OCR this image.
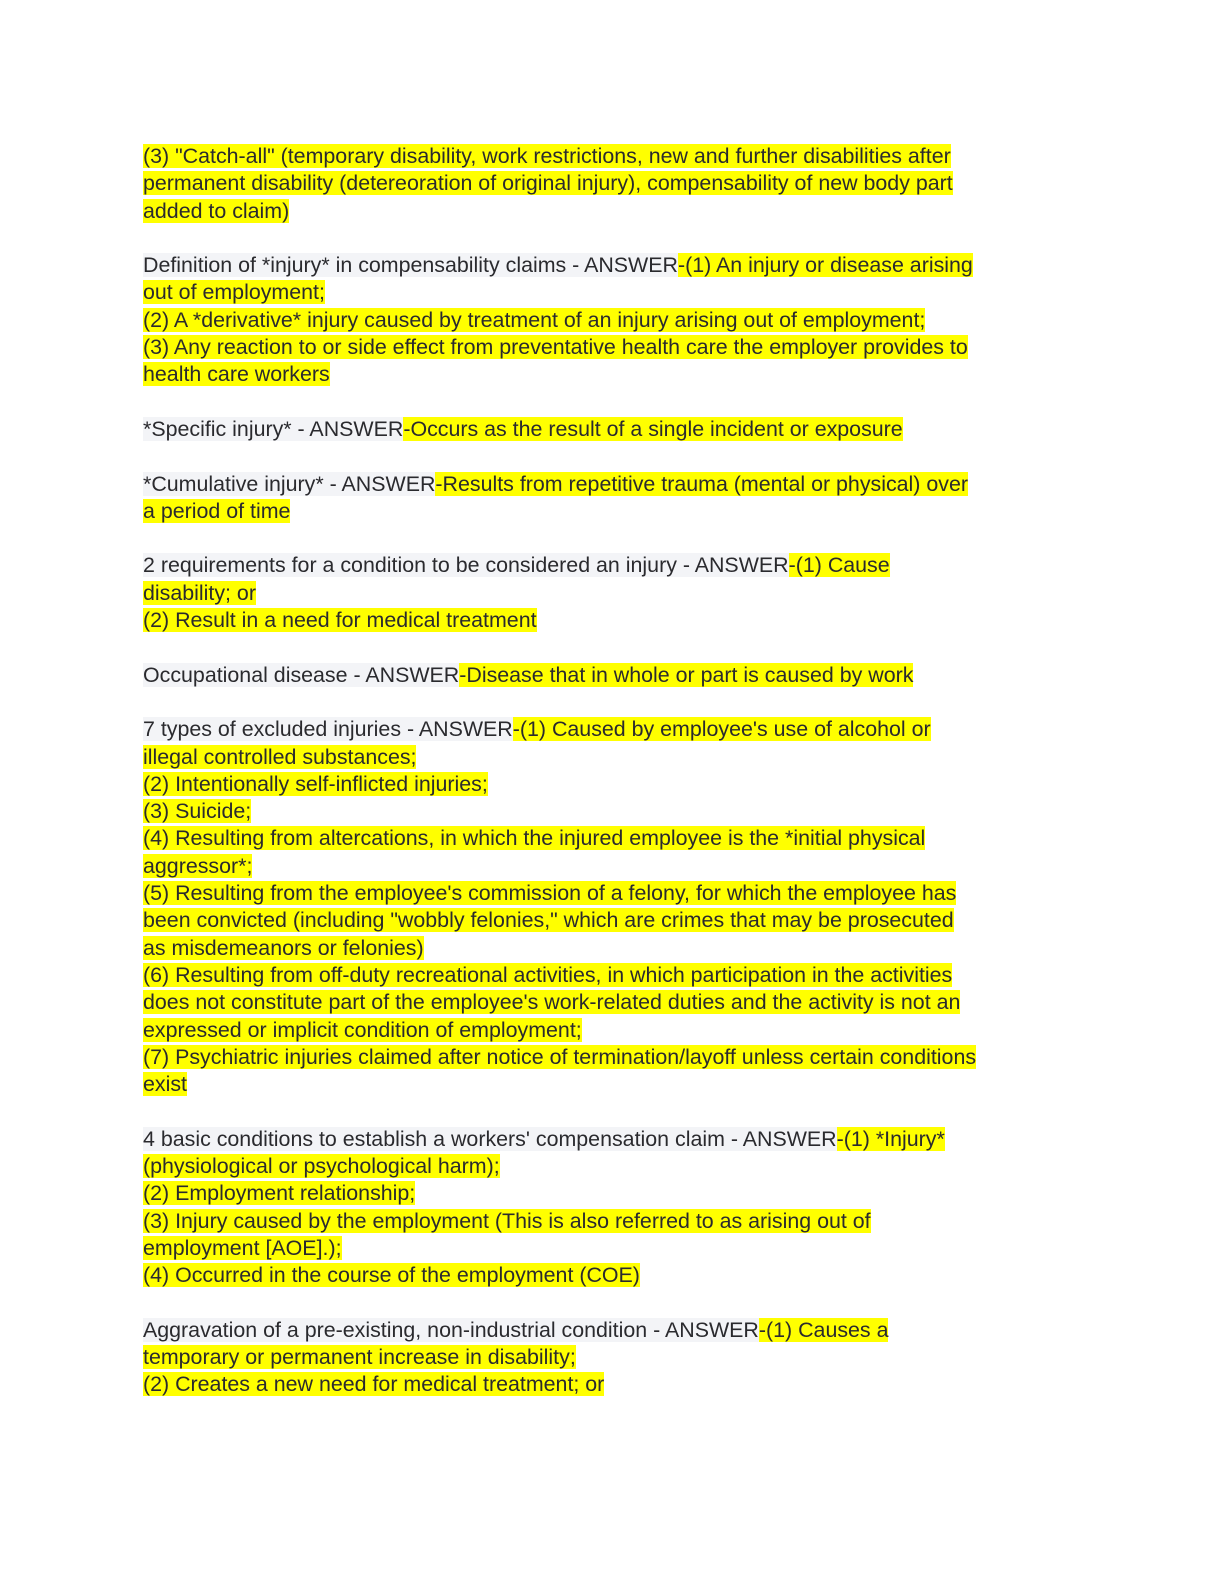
(3) "Catch-all" (temporary disability, work restrictions, new and further disabilities after
permanent disability (detereoration of original injury), compensability of new body part
added to claim)
Definition of *injury* in compensability claims - ANSWER-(1) An injury or disease arising
out of employment;
(2) A *derivative* injury caused by treatment of an injury arising out of employment;
(3) Any reaction to or side effect from preventative health care the employer provides to
health care workers
*Specific injury* - ANSWER-Occurs as the result of a single incident or exposure
*Cumulative injury* - ANSWER-Results from repetitive trauma (mental or physical) over
a period of time
2 requirements for a condition to be considered an injury - ANSWER-(1) Cause
disability; or
(2) Result in a need for medical treatment
Occupational disease - ANSWER-Disease that in whole or part is caused by work
7 types of excluded injuries - ANSWER-(1) Caused by employee's use of alcohol or
illegal controlled substances;
(2) Intentionally self-inflicted injuries;
(3) Suicide;
(4) Resulting from altercations, in which the injured employee is the *initial physical
aggressor*;
(5) Resulting from the employee's commission of a felony, for which the employee has
been convicted (including "wobbly felonies," which are crimes that may be prosecuted
as misdemeanors or felonies)
(6) Resulting from off-duty recreational activities, in which participation in the activities
does not constitute part of the employee's work-related duties and the activity is not an
expressed or implicit condition of employment;
(7) Psychiatric injuries claimed after notice of termination/layoff unless certain conditions
exist
4 basic conditions to establish a workers' compensation claim - ANSWER-(1) *Injury*
(physiological or psychological harm);
(2) Employment relationship;
(3) Injury caused by the employment (This is also referred to as arising out of
employment [AOE].);
(4) Occurred in the course of the employment (COE)
Aggravation of a pre-existing, non-industrial condition - ANSWER-(1) Causes a
temporary or permanent increase in disability;
(2) Creates a new need for medical treatment; or
